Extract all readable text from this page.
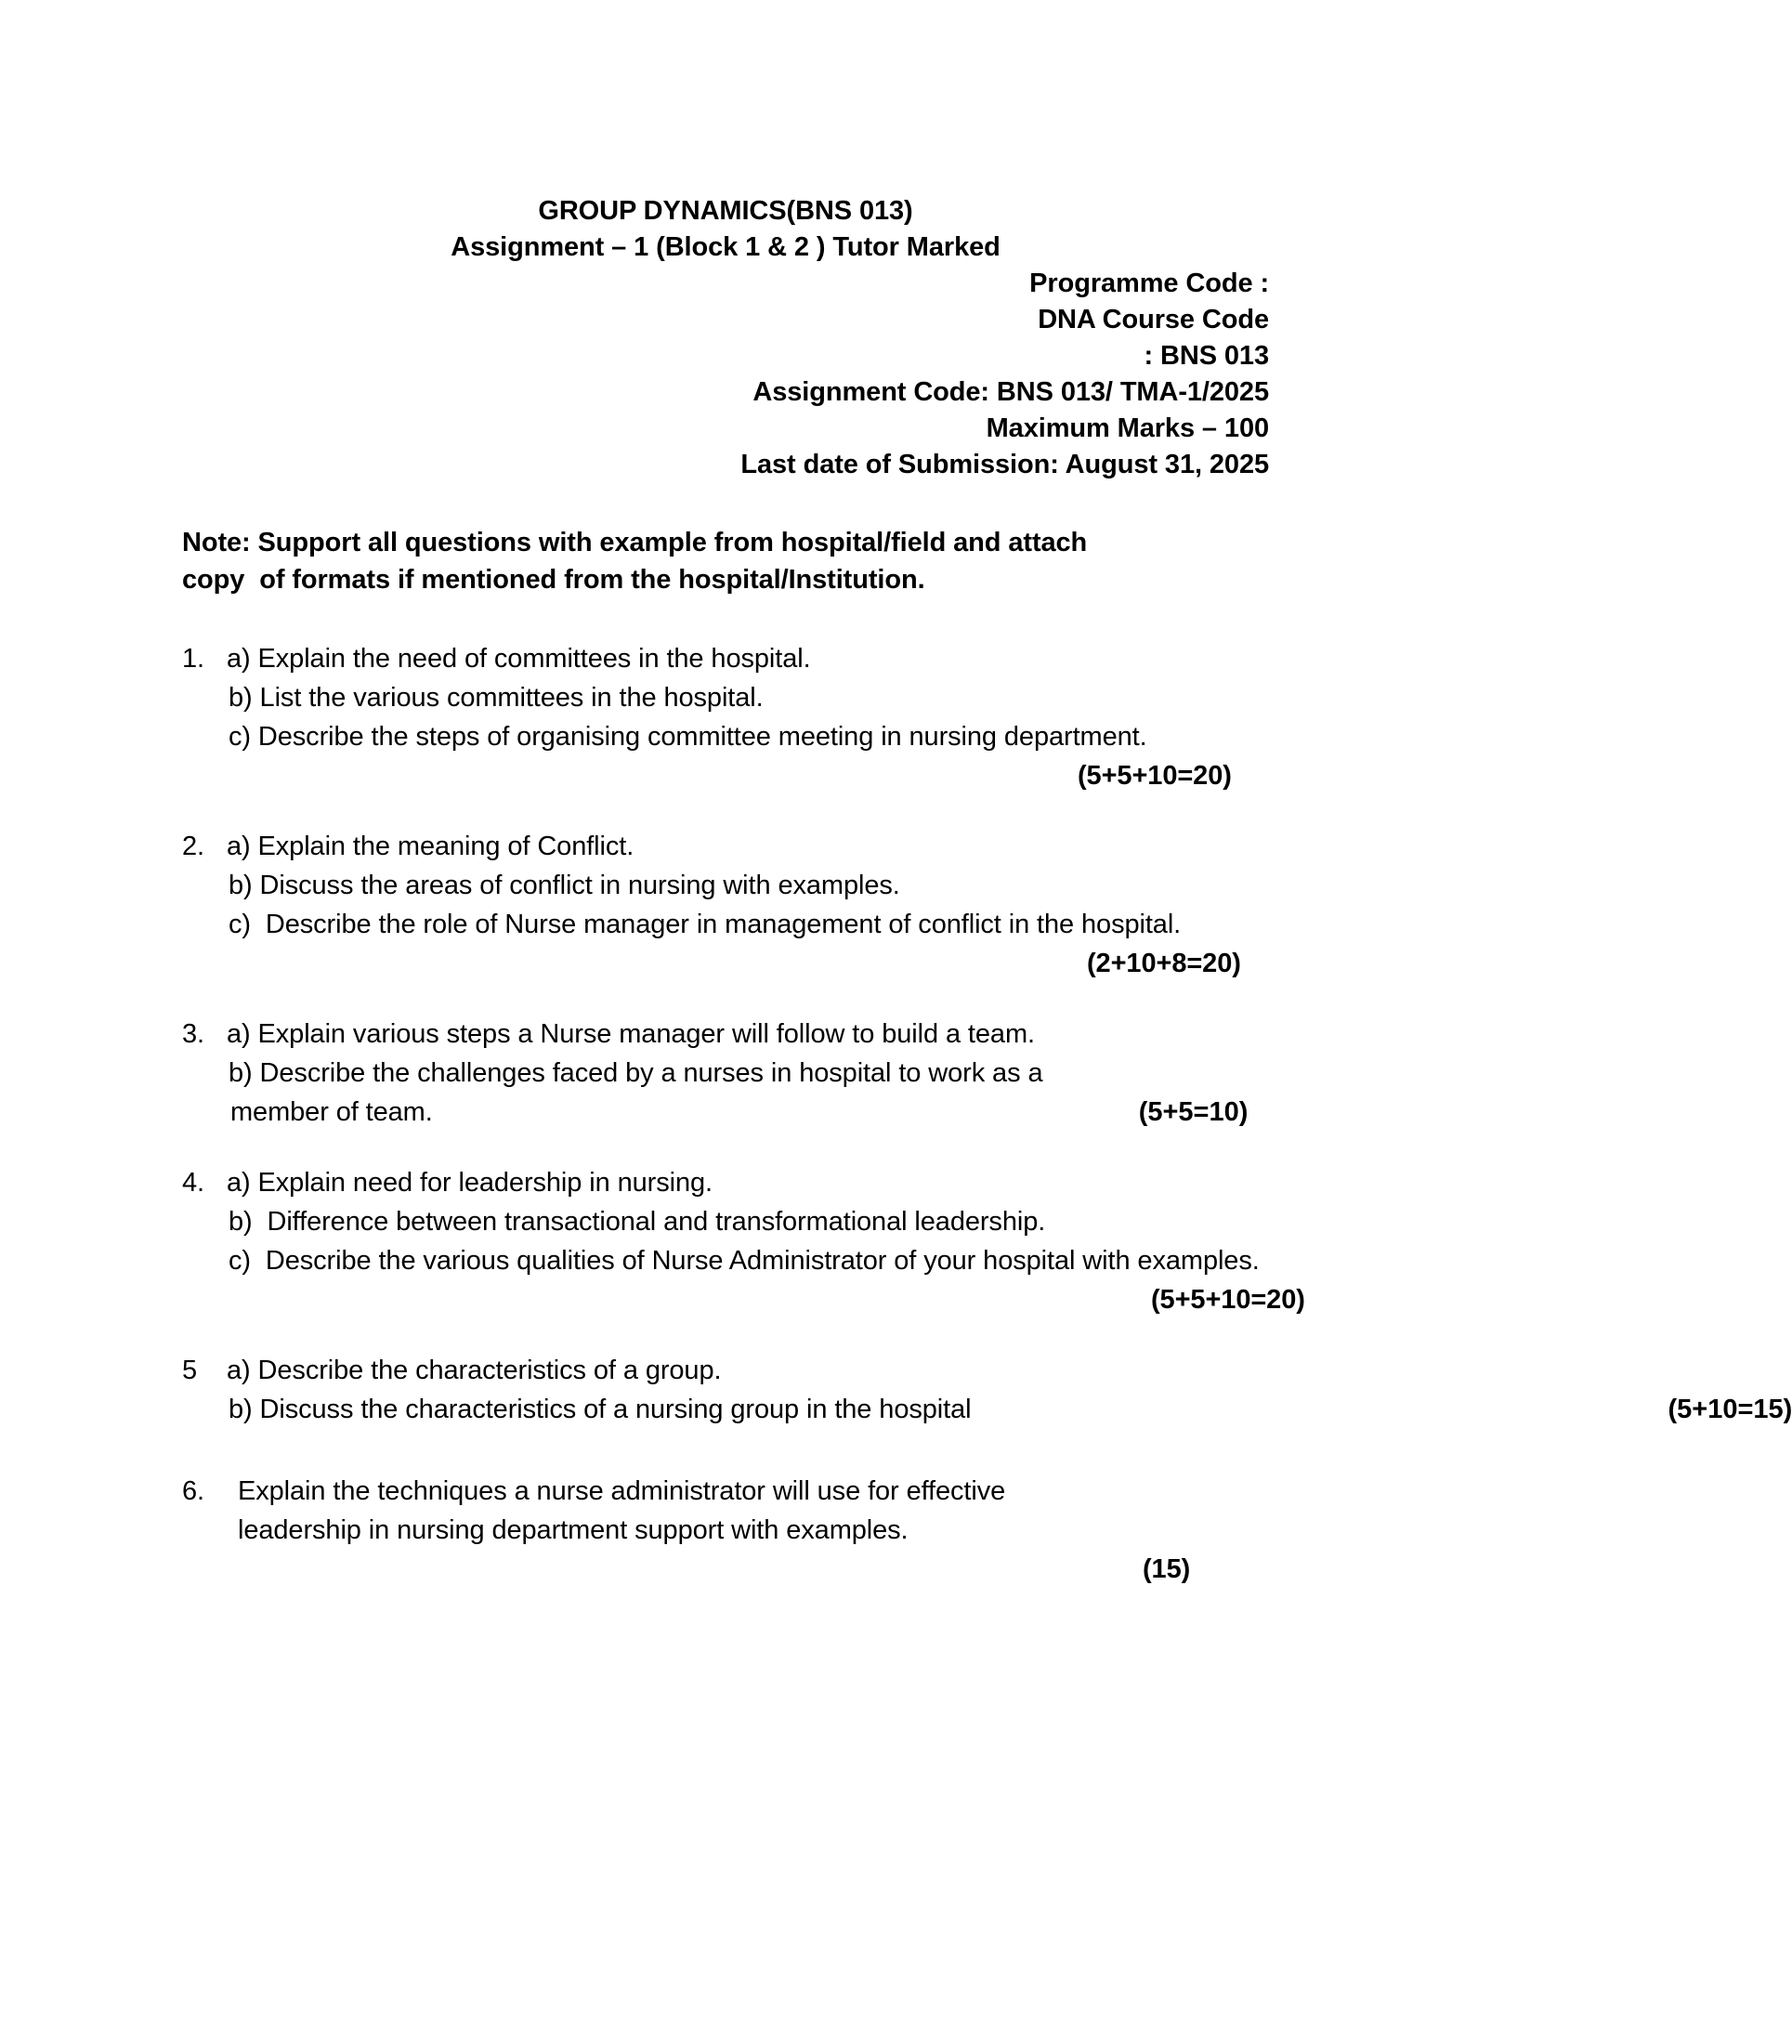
GROUP DYNAMICS(BNS 013)
Assignment – 1 (Block 1 & 2 ) Tutor Marked
Programme Code :
DNA Course Code
: BNS 013
Assignment Code: BNS 013/ TMA-1/2025
Maximum Marks – 100
Last date of Submission: August 31, 2025
Note: Support all questions with example from hospital/field and attach
copy  of formats if mentioned from the hospital/Institution.
1. a) Explain the need of committees in the hospital.
b) List the various committees in the hospital.
c) Describe the steps of organising committee meeting in nursing department.
(5+5+10=20)
2. a) Explain the meaning of Conflict.
b) Discuss the areas of conflict in nursing with examples.
c)  Describe the role of Nurse manager in management of conflict in the hospital.
(2+10+8=20)
3. a) Explain various steps a Nurse manager will follow to build a team.
b) Describe the challenges faced by a nurses in hospital to work as a
member of team.	(5+5=10)
4. a) Explain need for leadership in nursing.
b)  Difference between transactional and transformational leadership.
c)  Describe the various qualities of Nurse Administrator of your hospital with examples.
(5+5+10=20)
5	a) Describe the characteristics of a group.
b) Discuss the characteristics of a nursing group in the hospital	(5+10=15)
6.	Explain the techniques a nurse administrator will use for effective
leadership in nursing department support with examples.
(15)
